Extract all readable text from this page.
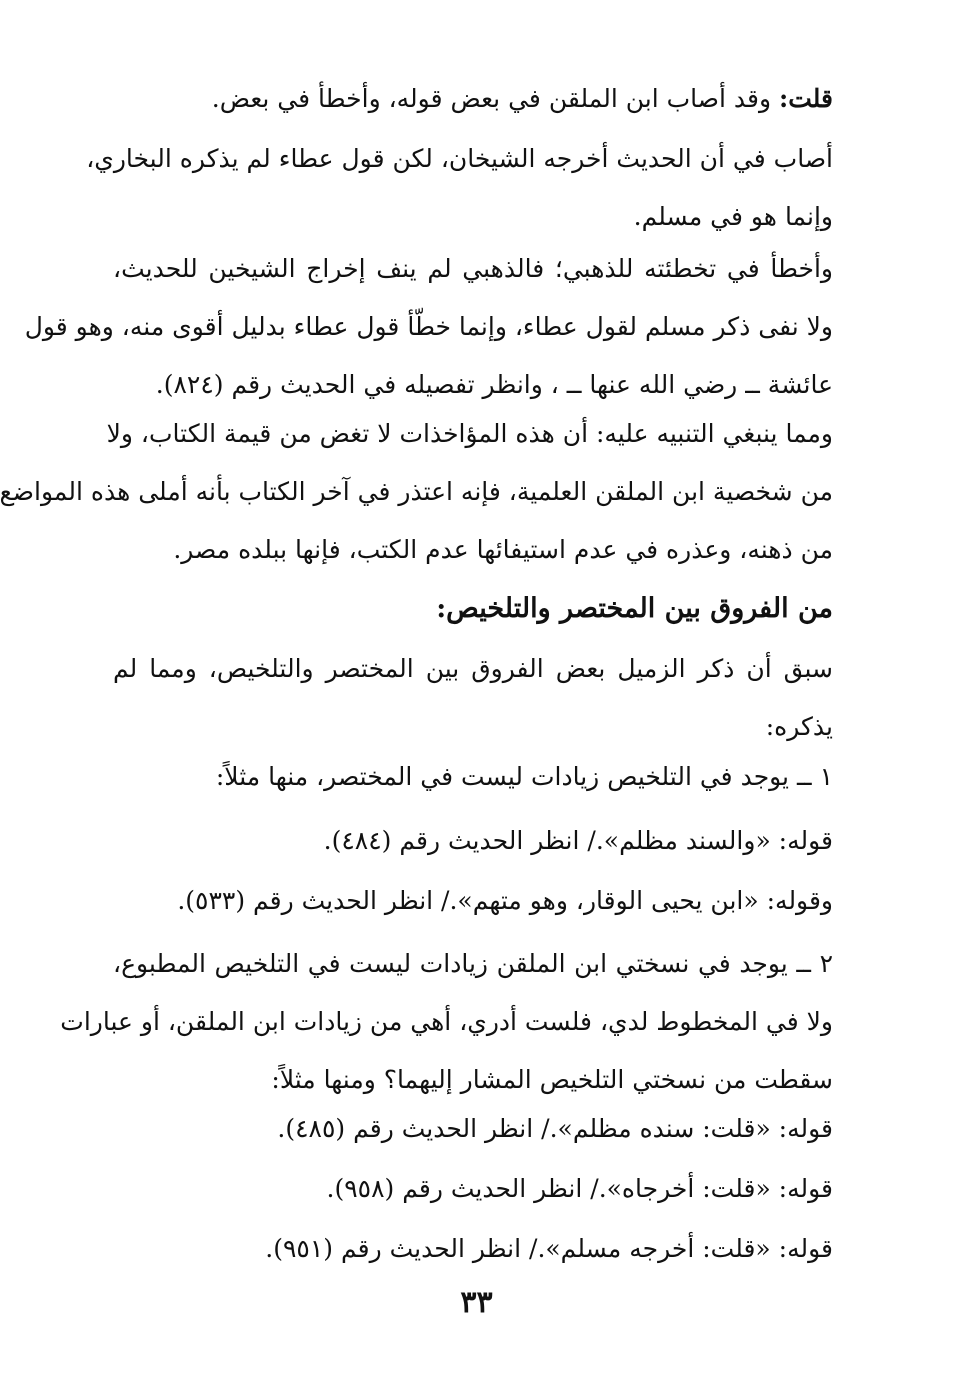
قلت: وقد أصاب ابن الملقن في بعض قوله، وأخطأ في بعض.
أصاب في أن الحديث أخرجه الشيخان، لكن قول عطاء لم يذكره البخاري،
وإنما هو في مسلم.
وأخطأ في تخطئته للذهبي؛ فالذهبي لم ينف إخراج الشيخين للحديث،
ولا نفى ذكر مسلم لقول عطاء، وإنما خطّأ قول عطاء بدليل أقوى منه، وهو قول
عائشة ــ رضي الله عنها ــ ، وانظر تفصيله في الحديث رقم (٨٢٤).
ومما ينبغي التنبيه عليه: أن هذه المؤاخذات لا تغض من قيمة الكتاب، ولا
من شخصية ابن الملقن العلمية، فإنه اعتذر في آخر الكتاب بأنه أملى هذه المواضع
من ذهنه، وعذره في عدم استيفائها عدم الكتب، فإنها ببلده مصر.
من الفروق بين المختصر والتلخيص:
سبق أن ذكر الزميل بعض الفروق بين المختصر والتلخيص، ومما لم
يذكره:
١ ــ يوجد في التلخيص زيادات ليست في المختصر، منها مثلاً:
قوله: «والسند مظلم»./ انظر الحديث رقم (٤٨٤).
وقوله: «ابن يحيى الوقار، وهو متهم»./ انظر الحديث رقم (٥٣٣).
٢ ــ يوجد في نسختي ابن الملقن زيادات ليست في التلخيص المطبوع،
ولا في المخطوط لدي، فلست أدري، أهي من زيادات ابن الملقن، أو عبارات
سقطت من نسختي التلخيص المشار إليهما؟ ومنها مثلاً:
قوله: «قلت: سنده مظلم»./ انظر الحديث رقم (٤٨٥).
قوله: «قلت: أخرجاه»./ انظر الحديث رقم (٩٥٨).
قوله: «قلت: أخرجه مسلم»./ انظر الحديث رقم (٩٥١).
٣٣
